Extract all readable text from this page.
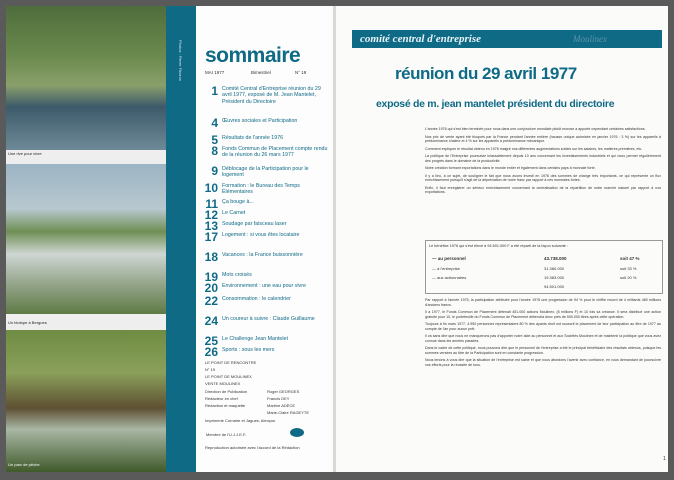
Une rive pour vivre
Un biotope à Bergues
Un parc de pêche
Photos : Pierre Fleuron sommaire
MAI 1977	Bimestriel	N° 19
1 Comité Central d'Entreprise réunion du 29 avril 1977, exposé de M. Jean Mantelet, Président du Directoire
4 Œuvres sociales et Participation
5 Résultats de l'année 1976
8 Fonds Commun de Placement compte rendu de la réunion du 26 mars 1977
9 Déblocage de la Participation pour le logement
10 Formation : le Bureau des Temps Élémentaires
11 Ça bouge à...
12 Le Carnet
13 Soudage par faisceau laser
17 Logement : si vous êtes locataire
18 Vacances : la France buissonnière
19 Mots croisés
20 Environnement : une eau pour vivre
22 Consommation : le calendrier
24 Un coureur à suivre : Claude Guillaume
25 Le Challenge Jean Mantelet
26 Sports : sous les mers
LE POINT DE RENCONTRE
N° 19
LE POINT DE MOULINEX
VENTE MOULINEX
Direction de Publication	Roger GEORGES
Rédacteur en chef	Francis DEY
Rédaction et maquette	Martine ADÈCE
Marie-Claire RAGEYTE
Imprimerie Cornaire et Jagues, Alençon
Membre de l'U.J.J.E.F.
Reproduction autorisée avec l'accord de la Rédaction
comité central d'entreprise	Moulinex
réunion du 29 avril 1977
exposé de m. jean mantelet président du directoire

L'année 1976 qui s'est bien terminée pour nous dans une conjoncture mondiale plutôt morose a apporté cependant certaines satisfactions.

Nos prix de vente ayant été bloqués par la France pendant l'année entière (hausse unique autorisée en janvier 1976 : 3 %) sur les appareils à prédominance chaleur et 4 % sur les appareils à prédominance mécanique.

Comment expliquer le résultat obtenu en 1976 malgré nos différentes augmentations subies sur les salaires, les matières premières, etc.

La politique de l'Entreprise poursuivie inlassablement depuis 10 ans concernant les investissements industriels et qui nous permet régulièrement des progrès dans le domaine de la productivité.

Notre création formant exportations dans le monde entier et également dans certains pays à monnaie forte.

Il y a lieu, à ce sujet, de souligner le fait que nous avons investi en 1976 des sommes de change très importants, ce qui représente un flux enrichissement puisqu'il s'agit de la dépréciation de notre franc par rapport à ces monnaies fortes.

Enfin, il faut enregistrer un sérieux enrichissement concernant la centralisation de la répartition de notre marché naturel par rapport à nos exportations.

Le bénéfice 1976 qui s'est élevé à 94.501.000 F a été réparti de la façon suivante :
— au personnel	43.738.000	soit 47 %
— à l'entreprise	31.380.000	soit 33 %
— aux actionnaires	19.383.000	soit 20 %
94.501.000

Par rapport à l'année 1975, la participation attribuée pour l'année 1976 une progression de 94 % pour le chiffre record de 4 milliards 480 millions d'anciens francs.

Il a 1977, le Fonds Commun de Placement détenait 451.000 actions Moulinex, (6 millions F) et 10 fois sa créance. Il sera distribué une action gratuite pour 10, le portefeuille du Fonds Commun de Placement détiendra donc près de 500.000 titres après cette opération.

Toujours à fin mars 1977, 4.950 personnes représentaient 80 % des ayants droit ont souscrit le placement de leur participation au titre de 1977 au compte de l'an pour aucun prêt.

Il va sans dire que nous ne manquerons pas d'apporter notre aide au personnel et aux Sociétés Moulinex et de maintenir la politique que vous avez connue dans les années passées.

Dans le cadre de cette politique, nous pouvons dire que le personnel de l'entreprise a été le principal bénéficiaire des résultats obtenus, puisque les sommes versées au titre de la Participation sont en constante progression.

Nous tenons à vous dire que la situation de l'entreprise est saine et que nous abordons l'avenir avec confiance, en vous demandant de poursuivre vos efforts pour la réussite de tous.

1
